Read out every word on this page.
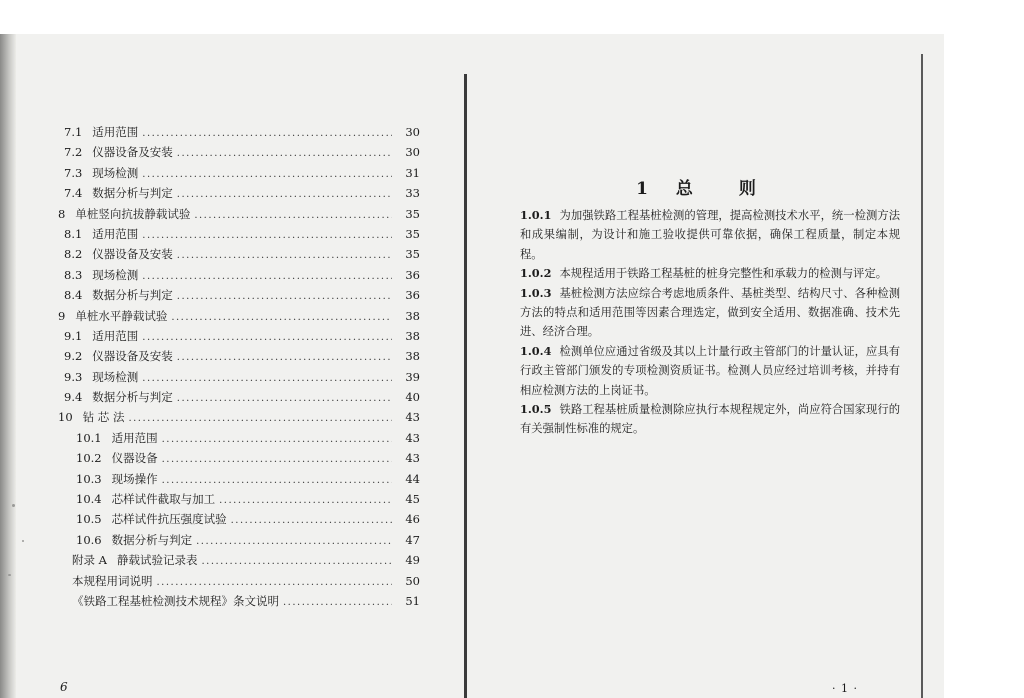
7.1 适用范围 .....	30
7.2 仪器设备及安装 .....	30
7.3 现场检测 .....	31
7.4 数据分析与判定 .....	33
8 单桩竖向抗拔静载试验 .....	35
8.1 适用范围 .....	35
8.2 仪器设备及安装 .....	35
8.3 现场检测 .....	36
8.4 数据分析与判定 .....	36
9 单桩水平静载试验 .....	38
9.1 适用范围 .....	38
9.2 仪器设备及安装 .....	38
9.3 现场检测 .....	39
9.4 数据分析与判定 .....	40
10 钻 芯 法 .....	43
10.1 适用范围 .....	43
10.2 仪器设备 .....	43
10.3 现场操作 .....	44
10.4 芯样试件截取与加工 .....	45
10.5 芯样试件抗压强度试验 .....	46
10.6 数据分析与判定 .....	47
附录 A 静载试验记录表 .....	49
本规程用词说明 .....	50
《铁路工程基桩检测技术规程》条文说明 .....	51
6
1 总 则

1.0.1 为加强铁路工程基桩检测的管理，提高检测技术水平，统一检测方法和成果编制，为设计和施工验收提供可靠依据，确保工程质量，制定本规程。

1.0.2 本规程适用于铁路工程基桩的桩身完整性和承载力的检测与评定。

1.0.3 基桩检测方法应综合考虑地质条件、基桩类型、结构尺寸、各种检测方法的特点和适用范围等因素合理选定，做到安全适用、数据准确、技术先进、经济合理。

1.0.4 检测单位应通过省级及其以上计量行政主管部门的计量认证，应具有行政主管部门颁发的专项检测资质证书。检测人员应经过培训考核，并持有相应检测方法的上岗证书。

1.0.5 铁路工程基桩质量检测除应执行本规程规定外，尚应符合国家现行的有关强制性标准的规定。

· 1 ·
